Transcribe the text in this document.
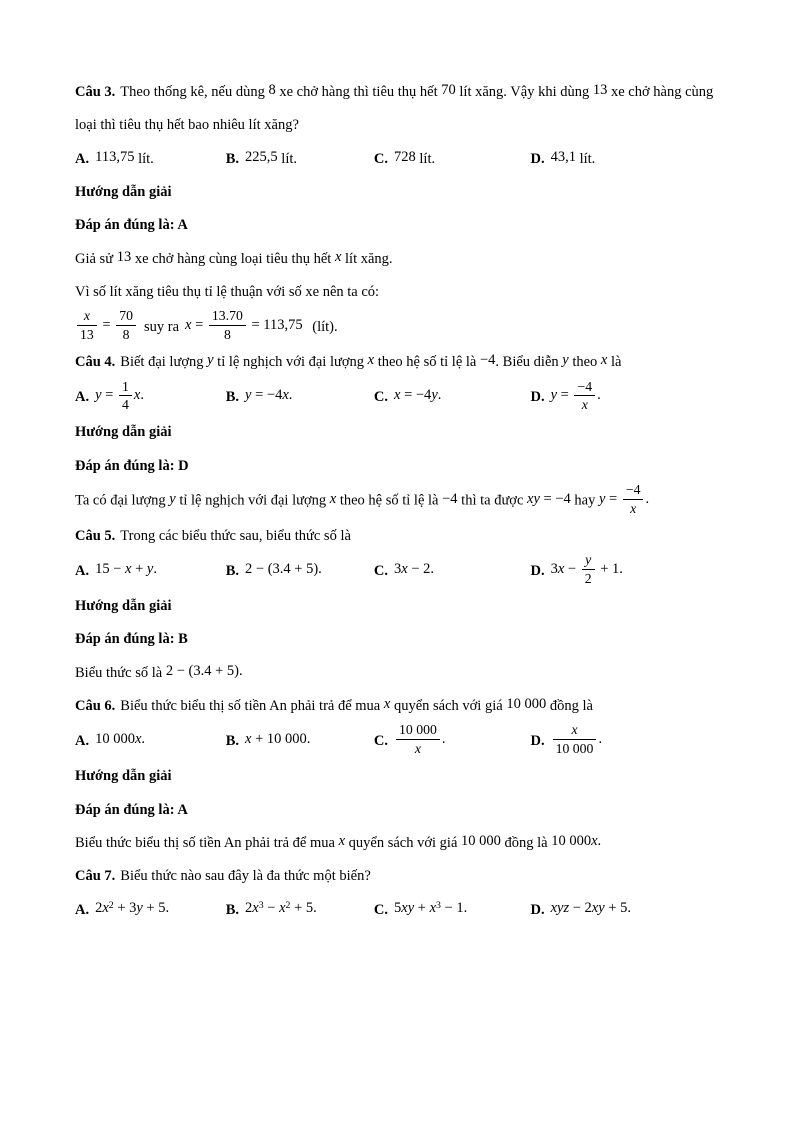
Câu 3. Theo thống kê, nếu dùng 8 xe chở hàng thì tiêu thụ hết 70 lít xăng. Vậy khi dùng 13 xe chở hàng cùng loại thì tiêu thụ hết bao nhiêu lít xăng?

A. 113,75 lít.	B. 225,5 lít.	C. 728 lít.	D. 43,1 lít.

Hướng dẫn giải

Đáp án đúng là: A

Giả sử 13 xe chở hàng cùng loại tiêu thụ hết x lít xăng.

Vì số lít xăng tiêu thụ tỉ lệ thuận với số xe nên ta có:

$\frac{x}{13} = \frac{70}{8}$ suy ra $x = \frac{13.70}{8} = 113,75$ (lít).

Câu 4. Biết đại lượng y tỉ lệ nghịch với đại lượng x theo hệ số tỉ lệ là −4. Biểu diễn y theo x là

A. $y = \frac{1}{4} x$.	B. y = −4x.	C. x = −4y.	D. $y = \frac{-4}{x}$ .

Hướng dẫn giải

Đáp án đúng là: D

Ta có đại lượng y tỉ lệ nghịch với đại lượng x theo hệ số tỉ lệ là −4 thì ta được xy = −4 hay $y = \frac{-4}{x}$ .

Câu 5. Trong các biểu thức sau, biểu thức số là

A. 15 − x + y.	B. 2 − (3.4 + 5).	C. 3x − 2.	D. $3x - \frac{y}{2} + 1$.

Hướng dẫn giải

Đáp án đúng là: B

Biểu thức số là 2 − (3.4 + 5).

Câu 6. Biểu thức biểu thị số tiền An phải trả để mua x quyển sách với giá 10 000 đồng là

A. 10 000x.	B. x + 10 000.	C. $\frac{10 000}{x}$ .	D. $\frac{x}{10 000}$ .

Hướng dẫn giải

Đáp án đúng là: A

Biểu thức biểu thị số tiền An phải trả để mua x quyển sách với giá 10 000 đồng là 10 000x.

Câu 7. Biểu thức nào sau đây là đa thức một biến?

A. $2x^2 + 3y + 5$.	B. $2x^3 - x^2 + 5$.	C. $5xy + x^3 - 1$.	D. xyz − 2xy + 5.
